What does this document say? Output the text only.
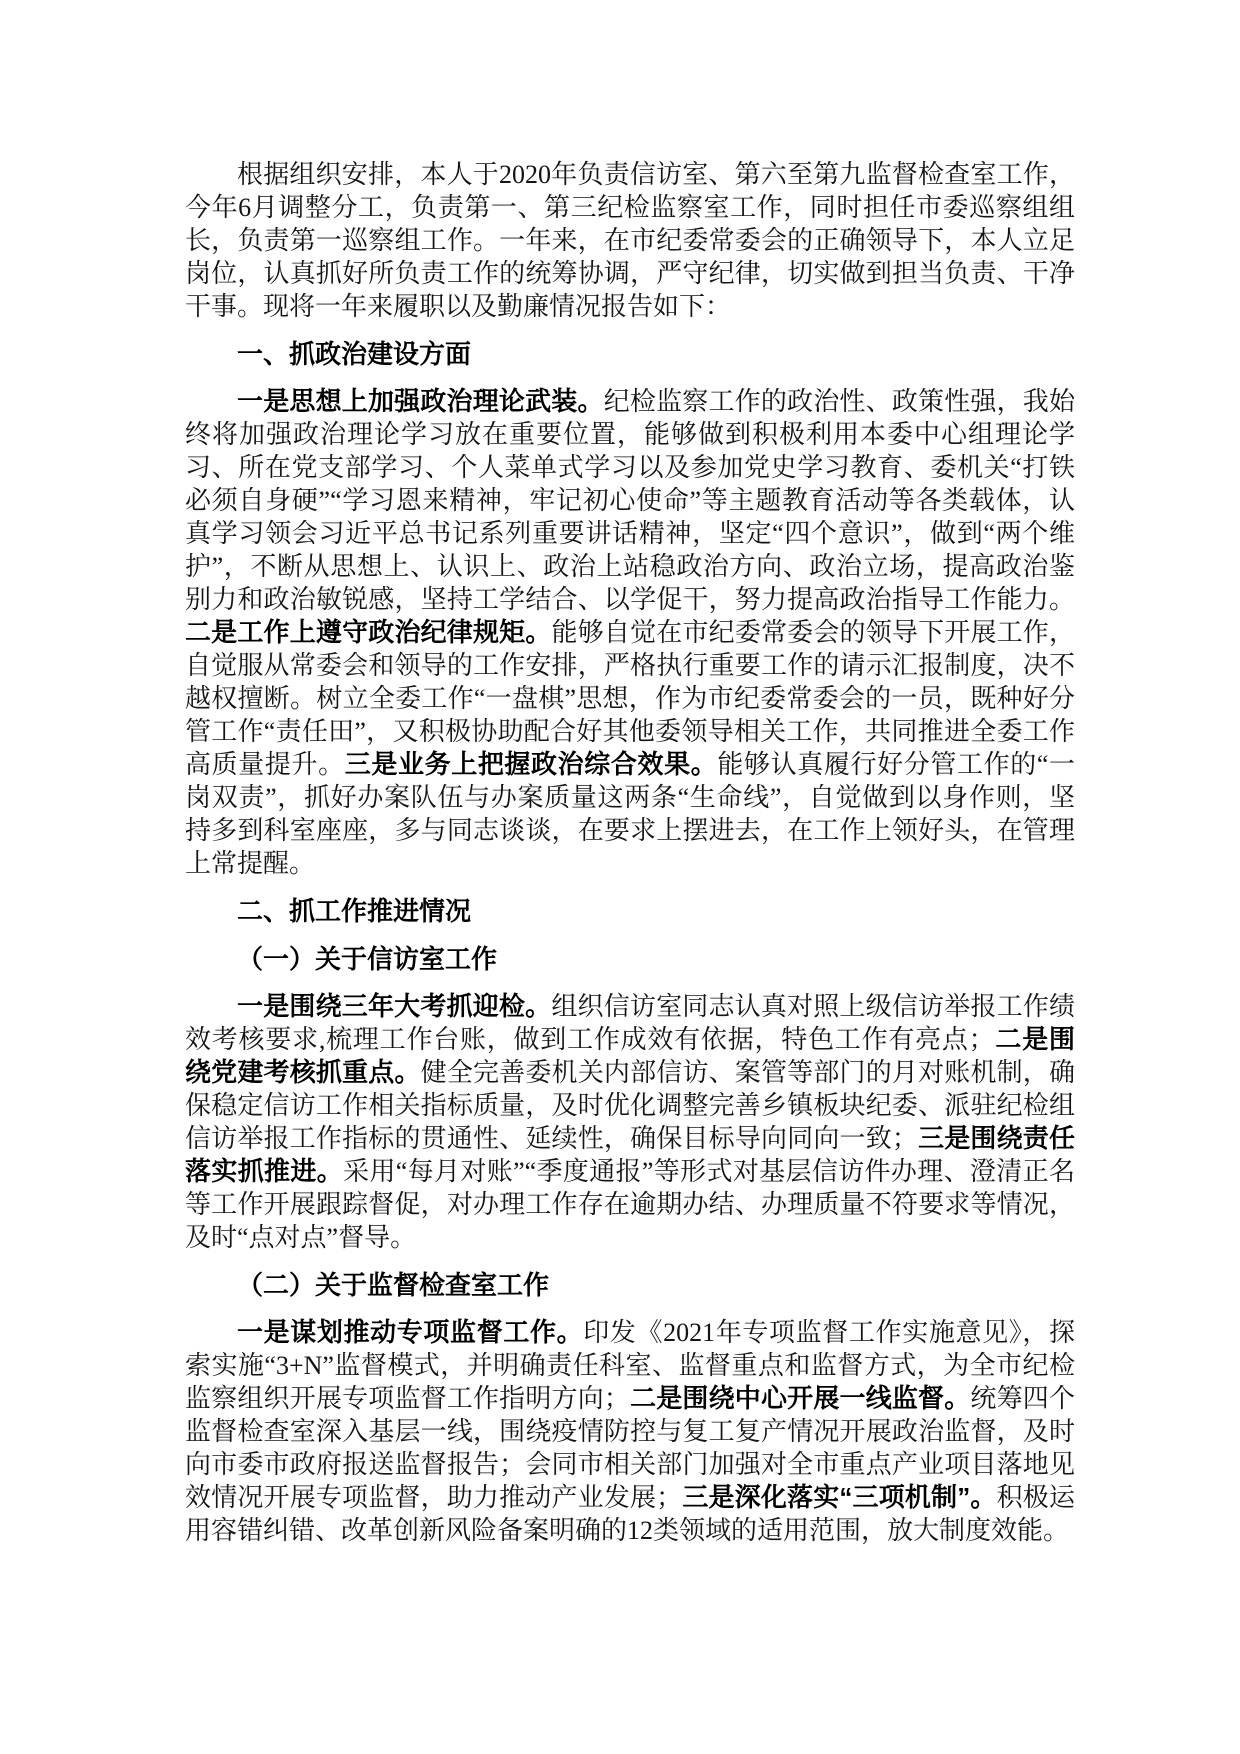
根据组织安排，本人于2020年负责信访室、第六至第九监督检查室工作，今年6月调整分工，负责第一、第三纪检监察室工作，同时担任市委巡察组组长，负责第一巡察组工作。一年来，在市纪委常委会的正确领导下，本人立足岗位，认真抓好所负责工作的统筹协调，严守纪律，切实做到担当负责、干净干事。现将一年来履职以及勤廉情况报告如下：

一、抓政治建设方面

一是思想上加强政治理论武装。纪检监察工作的政治性、政策性强，我始终将加强政治理论学习放在重要位置，能够做到积极利用本委中心组理论学习、所在党支部学习、个人菜单式学习以及参加党史学习教育、委机关“打铁必须自身硬”“学习恩来精神，牢记初心使命”等主题教育活动等各类载体，认真学习领会习近平总书记系列重要讲话精神，坚定“四个意识”，做到“两个维护”，不断从思想上、认识上、政治上站稳政治方向、政治立场，提高政治鉴别力和政治敏锐感，坚持工学结合、以学促干，努力提高政治指导工作能力。二是工作上遵守政治纪律规矩。能够自觉在市纪委常委会的领导下开展工作，自觉服从常委会和领导的工作安排，严格执行重要工作的请示汇报制度，决不越权擅断。树立全委工作“一盘棋”思想，作为市纪委常委会的一员，既种好分管工作“责任田”，又积极协助配合好其他委领导相关工作，共同推进全委工作高质量提升。三是业务上把握政治综合效果。能够认真履行好分管工作的“一岗双责”，抓好办案队伍与办案质量这两条“生命线”，自觉做到以身作则，坚持多到科室座座，多与同志谈谈，在要求上摆进去，在工作上领好头，在管理上常提醒。

二、抓工作推进情况

（一）关于信访室工作

一是围绕三年大考抓迎检。组织信访室同志认真对照上级信访举报工作绩效考核要求,梳理工作台账，做到工作成效有依据，特色工作有亮点；二是围绕党建考核抓重点。健全完善委机关内部信访、案管等部门的月对账机制，确保稳定信访工作相关指标质量，及时优化调整完善乡镇板块纪委、派驻纪检组信访举报工作指标的贯通性、延续性，确保目标导向同向一致；三是围绕责任落实抓推进。采用“每月对账”“季度通报”等形式对基层信访件办理、澄清正名等工作开展跟踪督促，对办理工作存在逾期办结、办理质量不符要求等情况，及时“点对点”督导。

（二）关于监督检查室工作

一是谋划推动专项监督工作。印发《2021年专项监督工作实施意见》，探索实施“3+N”监督模式，并明确责任科室、监督重点和监督方式，为全市纪检监察组织开展专项监督工作指明方向；二是围绕中心开展一线监督。统筹四个监督检查室深入基层一线，围绕疫情防控与复工复产情况开展政治监督，及时向市委市政府报送监督报告；会同市相关部门加强对全市重点产业项目落地见效情况开展专项监督，助力推动产业发展；三是深化落实“三项机制”。积极运用容错纠错、改革创新风险备案明确的12类领域的适用范围，放大制度效能。
